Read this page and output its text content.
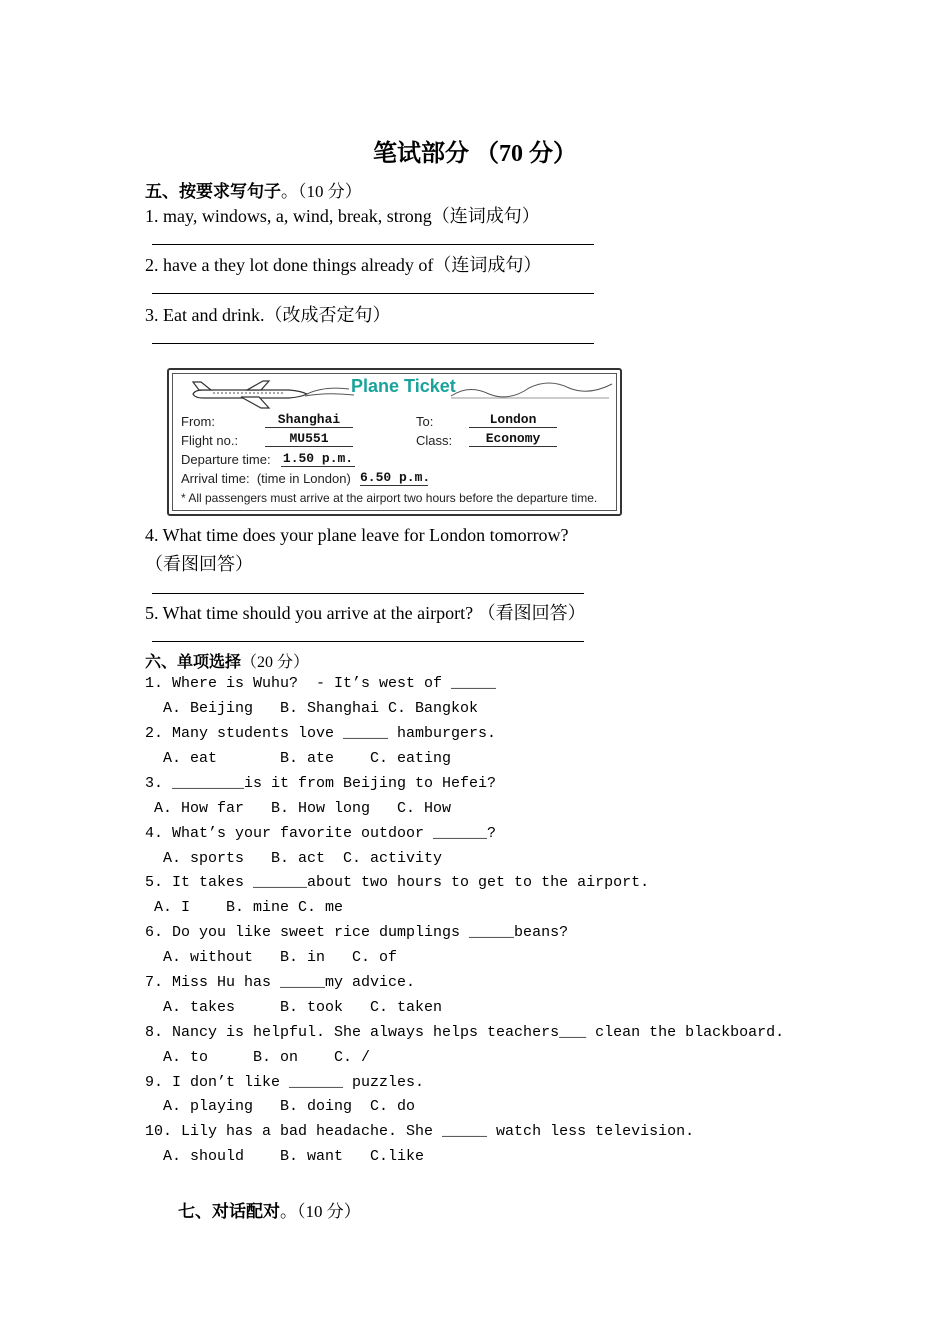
笔试部分 （70 分）
五、按要求写句子。（10 分）
1. may, windows, a, wind, break, strong（连词成句）
2. have a they lot done things already of（连词成句）
3. Eat and drink.（改成否定句）
Plane Ticket
From:	Shanghai	To:	London
Flight no.:	MU551	Class:	Economy
Departure time: 1.50 p.m.
Arrival time:  (time in London) 6.50 p.m.
* All passengers must arrive at the airport two hours before the departure time.
4. What time does your plane leave for London tomorrow?
（看图回答）
5. What time should you arrive at the airport? （看图回答）
六、单项选择（20 分）
1. Where is Wuhu?  - It’s west of _____
A. Beijing   B. Shanghai C. Bangkok
2. Many students love _____ hamburgers.
A. eat       B. ate    C. eating
3. ________is it from Beijing to Hefei?
A. How far   B. How long   C. How
4. What’s your favorite outdoor ______?
A. sports   B. act  C. activity
5. It takes ______about two hours to get to the airport.
A. I    B. mine C. me
6. Do you like sweet rice dumplings _____beans?
A. without   B. in   C. of
7. Miss Hu has _____my advice.
A. takes     B. took   C. taken
8. Nancy is helpful. She always helps teachers___ clean the blackboard.
A. to     B. on    C. /
9. I don’t like ______ puzzles.
A. playing   B. doing  C. do
10. Lily has a bad headache. She _____ watch less television.
A. should    B. want   C.like
七、对话配对。（10 分）
